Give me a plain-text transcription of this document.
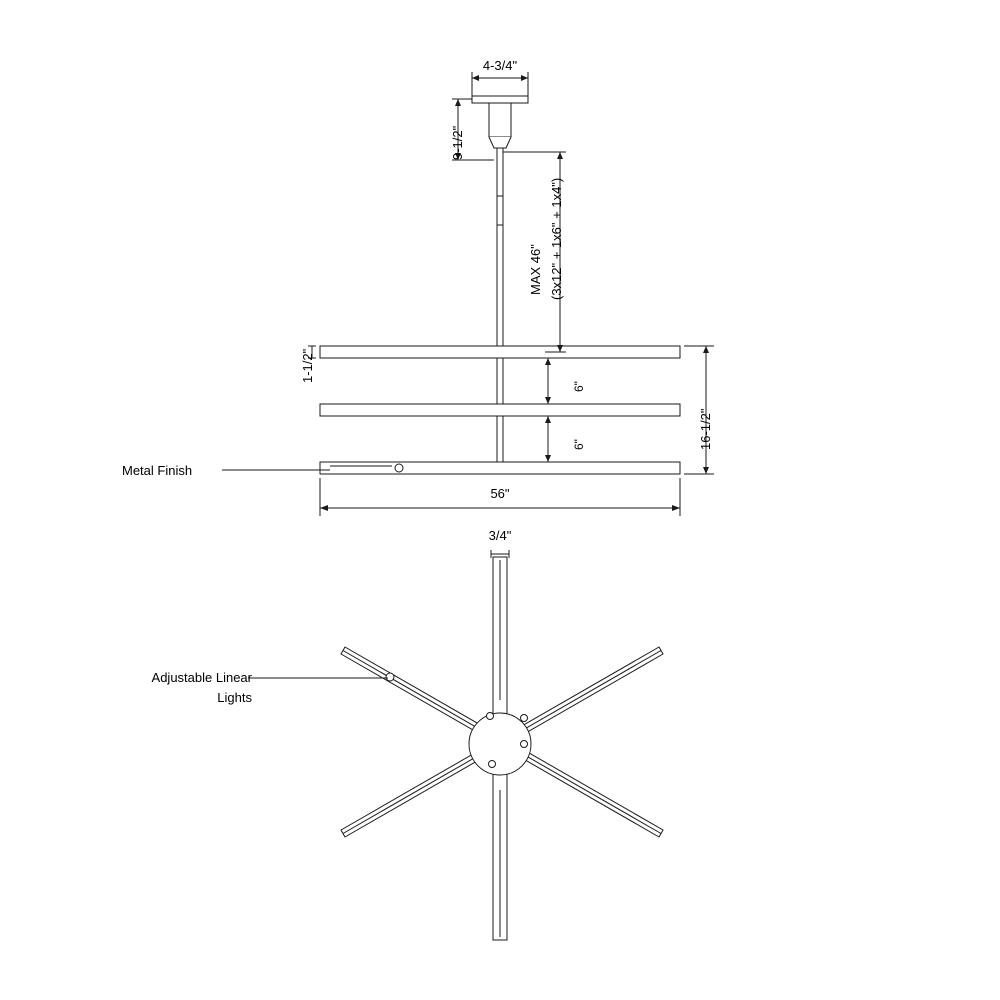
4-3/4"
9-1/2"
MAX 46" (3x12" + 1x6" + 1x4")
1-1/2"
6"
6"	16-1/2"
56"
Metal Finish
3/4"
Adjustable Linear
Lights
